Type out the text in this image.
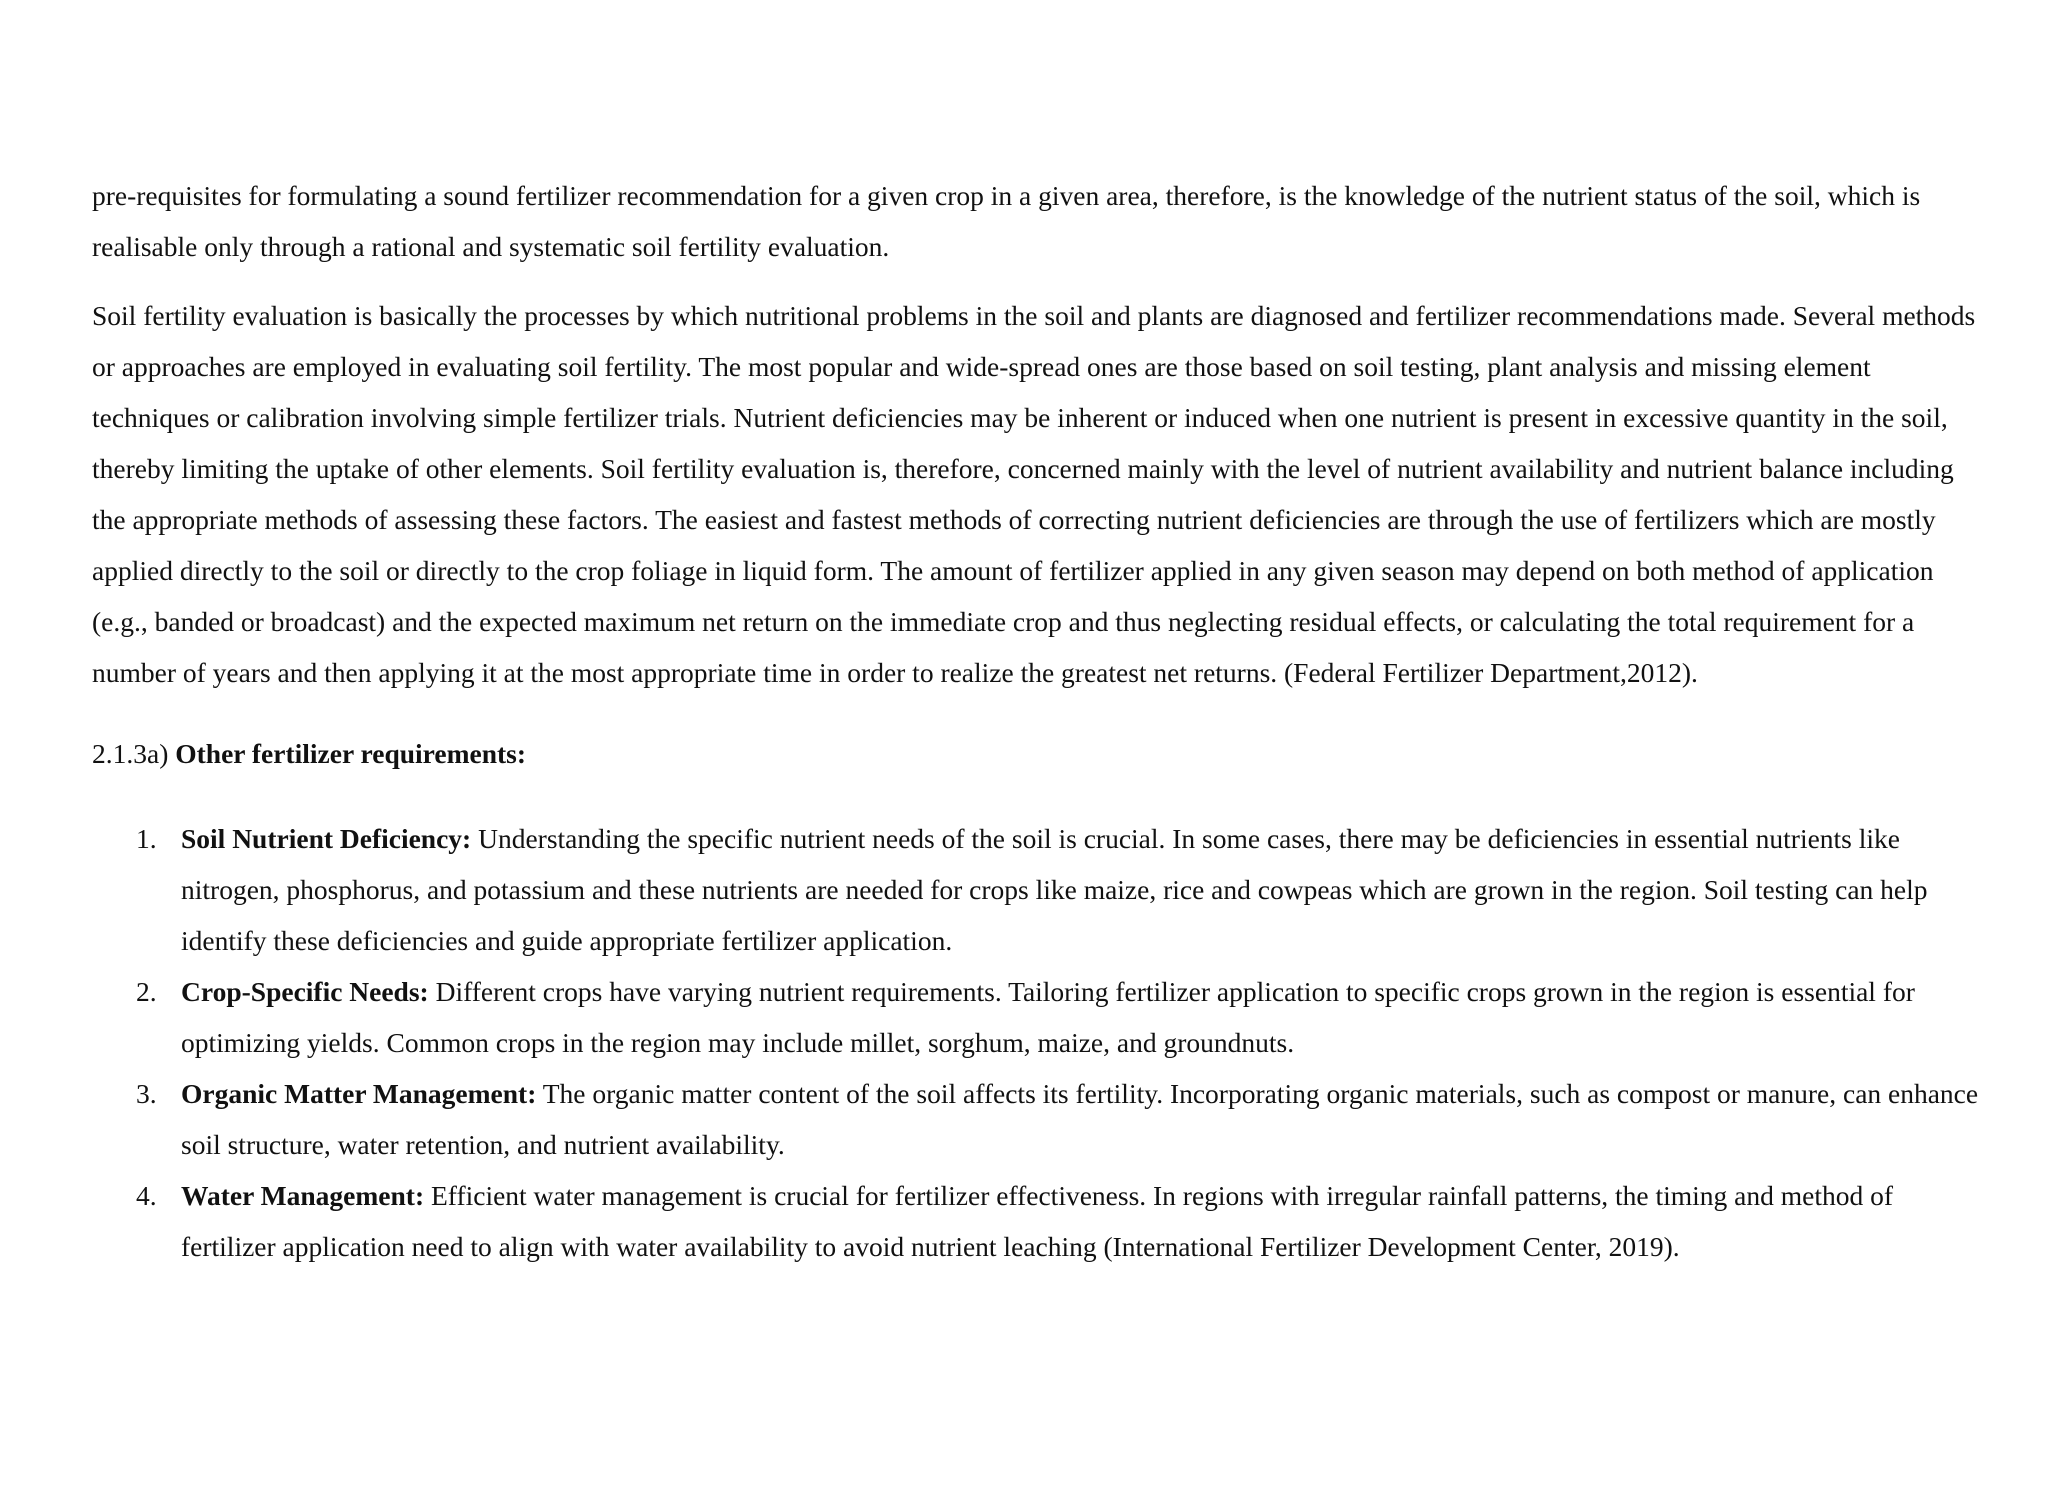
pre-requisites for formulating a sound fertilizer recommendation for a given crop in a given area, therefore, is the knowledge of the nutrient status of the soil, which is realisable only through a rational and systematic soil fertility evaluation.

Soil fertility evaluation is basically the processes by which nutritional problems in the soil and plants are diagnosed and fertilizer recommendations made. Several methods or approaches are employed in evaluating soil fertility. The most popular and wide-spread ones are those based on soil testing, plant analysis and missing element techniques or calibration involving simple fertilizer trials. Nutrient deficiencies may be inherent or induced when one nutrient is present in excessive quantity in the soil, thereby limiting the uptake of other elements. Soil fertility evaluation is, therefore, concerned mainly with the level of nutrient availability and nutrient balance including the appropriate methods of assessing these factors. The easiest and fastest methods of correcting nutrient deficiencies are through the use of fertilizers which are mostly applied directly to the soil or directly to the crop foliage in liquid form. The amount of fertilizer applied in any given season may depend on both method of application (e.g., banded or broadcast) and the expected maximum net return on the immediate crop and thus neglecting residual effects, or calculating the total requirement for a number of years and then applying it at the most appropriate time in order to realize the greatest net returns. (Federal Fertilizer Department,2012).

2.1.3a) Other fertilizer requirements:
1. Soil Nutrient Deficiency: Understanding the specific nutrient needs of the soil is crucial. In some cases, there may be deficiencies in essential nutrients like nitrogen, phosphorus, and potassium and these nutrients are needed for crops like maize, rice and cowpeas which are grown in the region. Soil testing can help identify these deficiencies and guide appropriate fertilizer application.
2. Crop-Specific Needs: Different crops have varying nutrient requirements. Tailoring fertilizer application to specific crops grown in the region is essential for optimizing yields. Common crops in the region may include millet, sorghum, maize, and groundnuts.
3. Organic Matter Management: The organic matter content of the soil affects its fertility. Incorporating organic materials, such as compost or manure, can enhance soil structure, water retention, and nutrient availability.
4. Water Management: Efficient water management is crucial for fertilizer effectiveness. In regions with irregular rainfall patterns, the timing and method of fertilizer application need to align with water availability to avoid nutrient leaching (International Fertilizer Development Center, 2019).
